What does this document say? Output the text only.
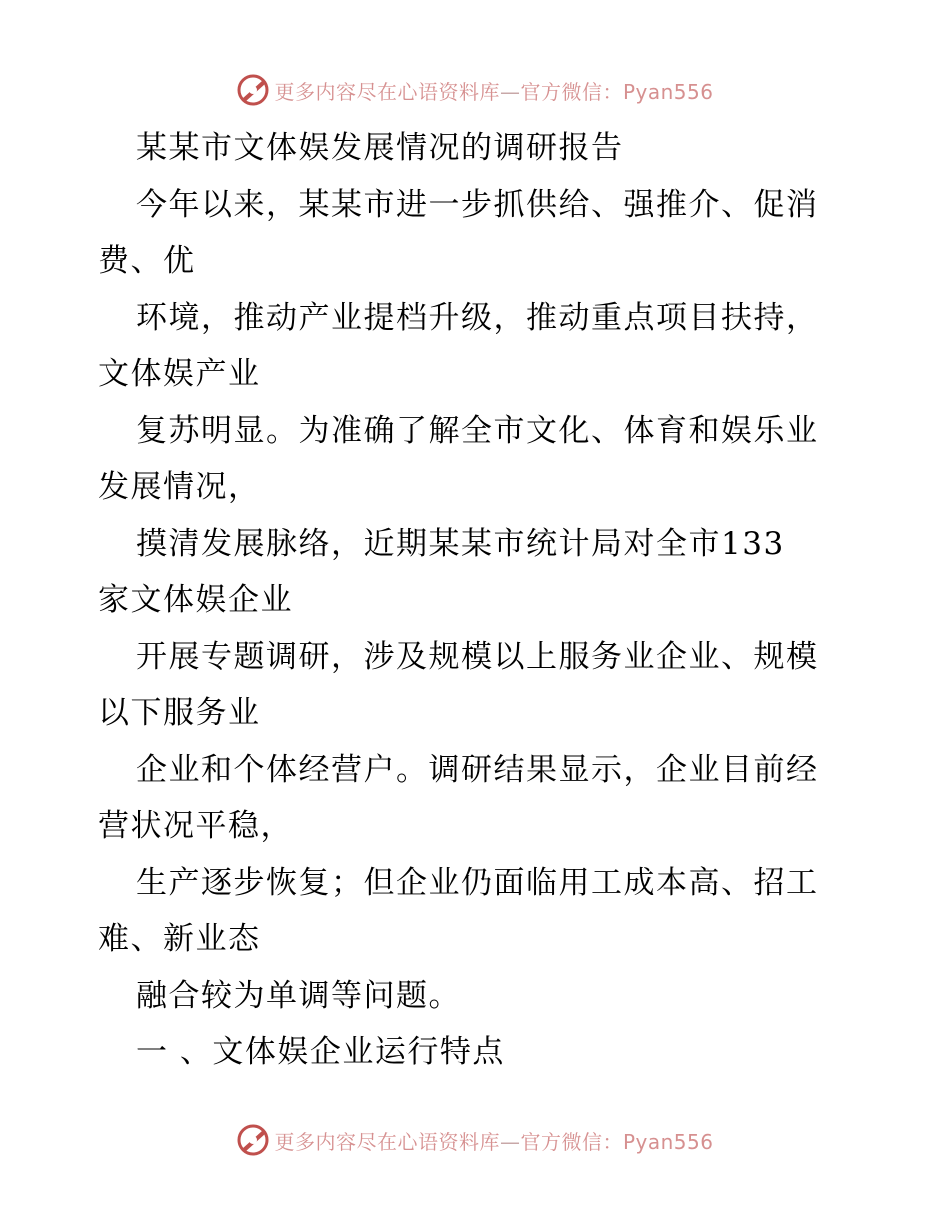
更多内容尽在心语资料库—官方微信：Pyan556
某某市文体娱发展情况的调研报告
今年以来，某某市进一步抓供给、强推介、促消
费、优
环境，推动产业提档升级，推动重点项目扶持，
文体娱产业
复苏明显。为准确了解全市文化、体育和娱乐业
发展情况，
摸清发展脉络，近期某某市统计局对全市133
家文体娱企业
开展专题调研，涉及规模以上服务业企业、规模
以下服务业
企业和个体经营户。调研结果显示，企业目前经
营状况平稳，
生产逐步恢复；但企业仍面临用工成本高、招工
难、新业态
融合较为单调等问题。
一 、文体娱企业运行特点
更多内容尽在心语资料库—官方微信：Pyan556
